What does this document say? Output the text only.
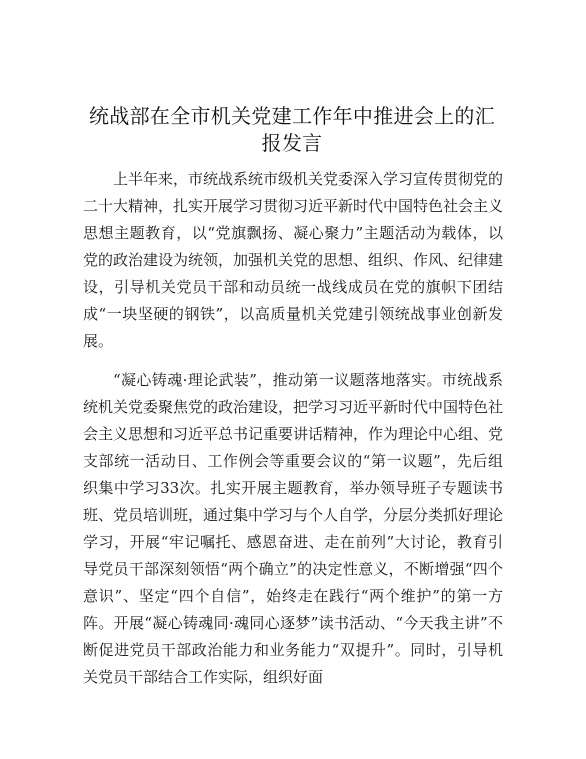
统战部在全市机关党建工作年中推进会上的汇报发言

上半年来，市统战系统市级机关党委深入学习宣传贯彻党的二十大精神，扎实开展学习贯彻习近平新时代中国特色社会主义思想主题教育，以“党旗飘扬、凝心聚力”主题活动为载体，以党的政治建设为统领，加强机关党的思想、组织、作风、纪律建设，引导机关党员干部和动员统一战线成员在党的旗帜下团结成“一块坚硬的钢铁”，以高质量机关党建引领统战事业创新发展。

“凝心铸魂·理论武装”，推动第一议题落地落实。市统战系统机关党委聚焦党的政治建设，把学习习近平新时代中国特色社会主义思想和习近平总书记重要讲话精神，作为理论中心组、党支部统一活动日、工作例会等重要会议的“第一议题”，先后组织集中学习33次。扎实开展主题教育，举办领导班子专题读书班、党员培训班，通过集中学习与个人自学，分层分类抓好理论学习，开展“牢记嘱托、感恩奋进、走在前列”大讨论，教育引导党员干部深刻领悟“两个确立”的决定性意义，不断增强“四个意识”、坚定“四个自信”，始终走在践行“两个维护”的第一方阵。开展“凝心铸魂同·魂同心逐梦”读书活动、“今天我主讲”不断促进党员干部政治能力和业务能力“双提升”。同时，引导机关党员干部结合工作实际，组织好面
